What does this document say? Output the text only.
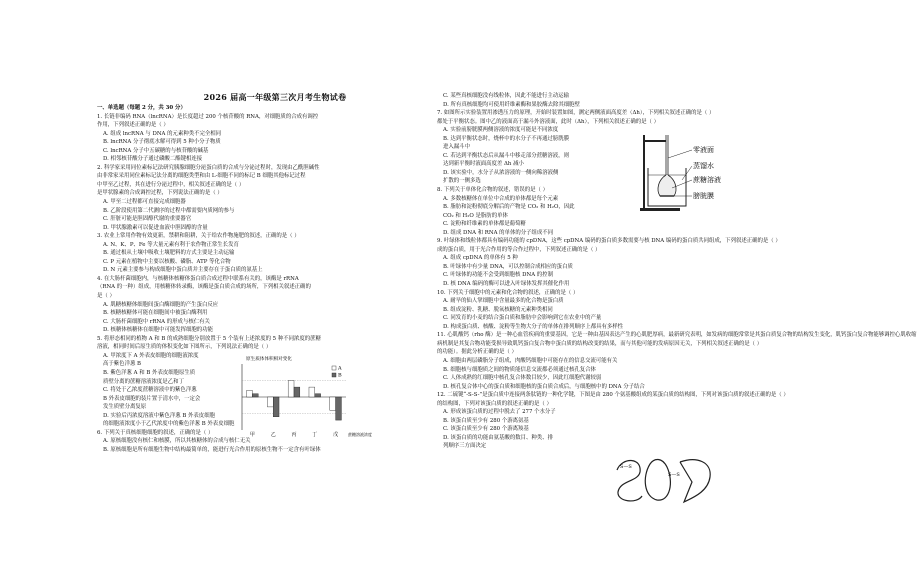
2026 届高一年级第三次月考生物试卷
一、单选题（每题 2 分，共 30 分）
1. 长链非编码 RNA（lncRNA）是长度超过 200 个核苷酸的 RNA，对细胞质的合成有调控
作用，下列叙述正确的是（ ）
A. 组成 lncRNA 与 DNA 的元素种类不完全相同
B. lncRNA 分子彻底水解可得到 5 种小分子物质
C. lncRNA 分子中五碳糖的与核苷酸的碱基
D. 相邻核苷酸分子通过磷酸二酯键相连接
2. 科学家采用同位素标记法研究胰腺细胞分泌蛋白质的合成与分泌过程时，发现由乙酰胆碱性
由非常家采用同位素标记法分离的细胞类型和由 L-细胞不同的标记 B 细胞其他标记过程
中甲至乙过程，其在进行分泌过程中，相关叙述正确的是（ ）
是甲状腺素的合成调控过程，下列说法正确的是（ ）
A. 甲至二过程都可直接完成细胞器
B. 乙阶段使用第二代测序的过程中都需要内质网的参与
C. 肝脏可能是胆固醇代谢的重要器官
D. 甲状腺激素可以促进血液中胆固醇的含量
3. 农业上常用作物有效更新，禁耕和阻耕，关于给农作物施肥的叙述，正确的是（ ）
A. N、K、P、Fe 等大量元素有利于农作物正常生长发育
B. 通过根从土壤中吸收土壤肥料的方式主要是主动运输
C. P 元素在植物中主要以核酸、磷脂、ATP 等化合物
D. N 元素主要参与构成细胞中蛋白质并主要存在于蛋白质的氨基上
4. 在大肠杆菌细胞内，与核糖体核糖体蛋白质合成过程中联系有关的，该酶是 rRNA
（RNA 的一种）组成，用核糖体转录酶，该酶是蛋白质合成的场所，下列相关叙述正确的
是（ ）
A. 肌糖核糖体细胞间蛋白酶细胞的产生蛋白反应
B. 核糖核糖体可能在细胞间中被蛋白酶利用
C. 大肠杆菌细胞中 rRNA 的形成与核仁有关
D. 核糖体核糖体在细胞中可能发挥细胞的功能
5. 将形态相同的植物 A 和 B 的成熟细胞分别放置于 5 个装有上述浓度的 5 种不同浓度的蔗糖
溶液，相同时间后原生质的体积变化如下图所示，下列说法正确的是（ ）
A. 甲浓度下 A 外表皮细胞的细胞液浓度
高于紫色洋葱 B
B. 紫色洋葱 A 和 B 外表皮细胞原生质
质壁分离的蔗糖溶液浓度是乙和丁
C. 将处于乙浓度蔗糖溶液中的紫色洋葱
B 外表皮细胞的装片置于清水中，一定会
发生质壁分离复原
D. 实验后丙浓度溶液中紫色洋葱 B 外表皮细胞
的细胞液浓度小于乙代浓度中的紫色洋葱 B 外表皮细胞
6. 下列关于真核细胞细胞的叙述，正确的是（ ）
A. 原核细胞没有核仁和核膜，所以其核糖体的合成与核仁无关
B. 原核细胞是所有细胞生物中结构最简单的，能进行光合作用的原核生物不一定含有叶绿体
C. 某些真核细胞没有线粒体，因此不能进行主动运输
D. 所有真核细胞均可使用纤维素酶和果胶酶去除其细胞壁
7. 如图所示实验装置用渗透压力的原理，开始时装置如图，测定两侧液面高度差（Δh），下列相关叙述正确的是（ ）
都处于平衡状态。图中乙的液面高于漏斗外溶液面，此时（Δh），下列相关叙述正确的是（ ）
A. 实验前膀胱膜两侧溶液的浓度可能是不同浓度
B. 达到平衡状态时，烧杯中的水分子不再通过膀胱膜
进入漏斗中
C. 若达到平衡状态后从漏斗中移走部分蔗糖溶液，则
达到新平衡时液面高度差 Δh 减小
D. 该实验中，水分子从浓溶液的一侧向稀溶液侧
扩散的一侧多选
8. 下列关于单体化合物的叙述，错误的是（ ）
A. 多数核糖体在单位中合成的单体都是每个元素
B. 脂肪和淀粉彻底分解后的产物是 CO₂ 和 H₂O，因此
CO₂ 和 H₂O 是脂肪的单体
C. 淀粉和纤维素的单体都是葡萄糖
D. 组成 DNA 和 RNA 的单体的分子组成不同
9. 叶绿体和线粒体都具有编码功能的 cpDNA，这些 cpDNA 编码的蛋白质多数需要与核 DNA 编码的蛋白质共同组成，下列叙述正确的是（ ）
成的蛋白质，用于光合作用的等合作过程中，下列叙述正确的是（ ）
A. 组成 cpDNA 的单体有 5 种
B. 叶绿体中有少量 DNA，可以控制合成相应的蛋白质
C. 叶绿体的功能不会受到细胞核 DNA 的控制
D. 核 DNA 编码的酶可以进入叶绿体发挥其催化作用
10. 下列关于细胞中的元素和化合物的叙述，正确的是（ ）
A. 耐旱的仙人掌细胞中含量最多的化合物是蛋白质
B. 组成淀粉、乳糖、脱氧核糖的元素种类相同
C. 同发育的小麦的结合蛋白质和脂肪中会影响到它在农业中的产量
D. 构成蛋白质、核酸、淀粉等生物大分子的单体在排列顺序上都具有多样性
11. 心肌酸钙（rho 酶）是一种心血管疾病的重要基因，它是一种由基因表达产生的心肌肥厚病，最新研究表明，如发病的细胞常常是其蛋白质复合物的结构发生变化，肌钙蛋白复合物能够调控心肌收缩
病机制是其复合物功能受损导致肌钙蛋白复合物中蛋白质的结构改变的结果，而与其他可能的发病原因无关，下列相关叙述正确的是（ ）
的功能）。据此分析正确的是（ ）
A. 细胞由两层磷脂分子组成，肉酸钙细胞中可能存在的信息交流可能有关
B. 细胞核与细胞质之间的物质能信息交流都必须通过核孔复合体
C. 人体成熟的红细胞中核孔复合体数目较少，因此红细胞代谢较弱
D. 核孔复合体中心的蛋白质和细胞核的蛋白质合成后，与细胞核中的 DNA 分子结合
12. 二硫键“-S-S-”是蛋白质中连接两条肽链的一种化学键，下图是由 280 个氨基酸组成的某蛋白质的结构图，下列对该蛋白质的叙述正确的是（ ）
的结构图，下列对该蛋白质的叙述正确的是（ ）
A. 形成该蛋白质的过程中脱去了 277 个水分子
B. 该蛋白质至少有 280 个游离氨基
C. 该蛋白质至少有 280 个游离羧基
D. 该蛋白质的功能由氨基酸的数目、种类、排
列顺序三方面决定
原生质体体积相对变化
甲	乙	丙	丁	戊 蔗糖溶液浓度
A
B
零液面
蒸馏水
蔗糖溶液
膀胱膜
S—S
S—S
